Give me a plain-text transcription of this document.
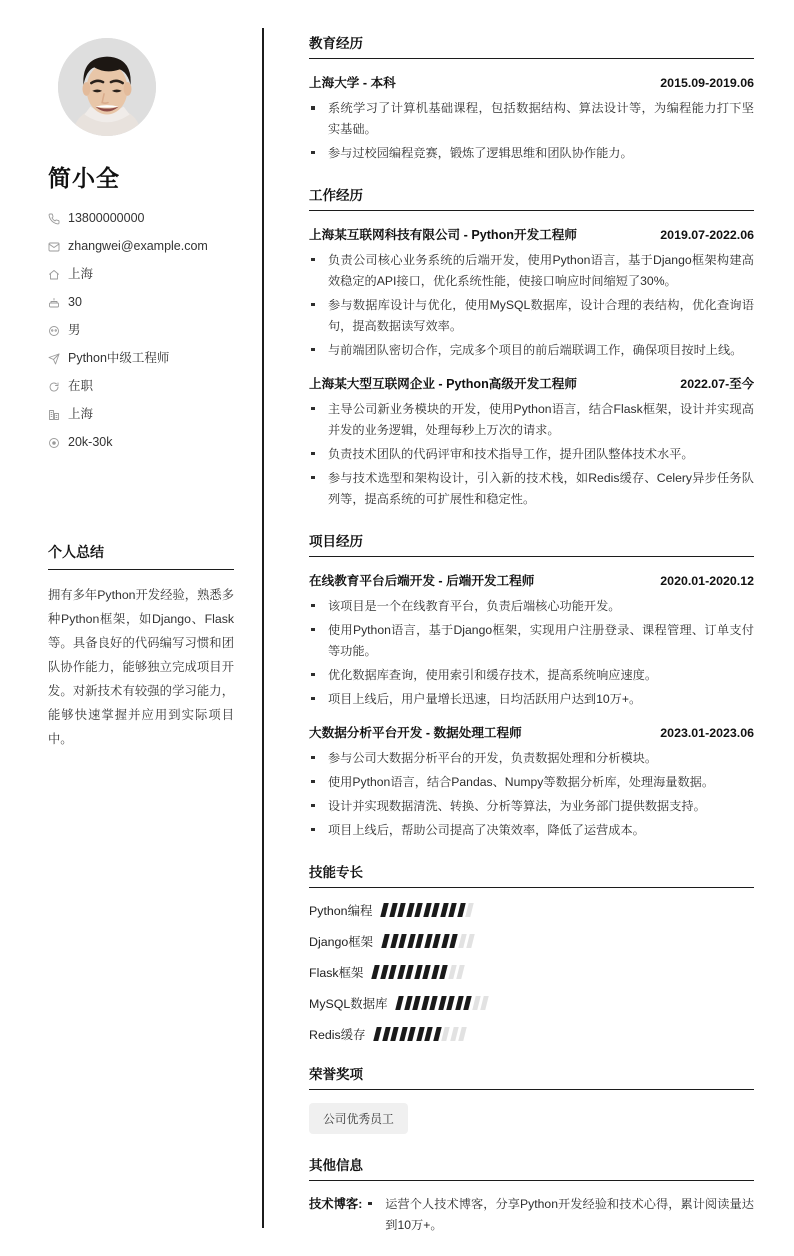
简小全
13800000000
zhangwei@example.com
上海
30
男
Python中级工程师
在职
上海
20k-30k
个人总结

拥有多年Python开发经验，熟悉多种Python框架，如Django、Flask等。具备良好的代码编写习惯和团队协作能力，能够独立完成项目开发。对新技术有较强的学习能力，能够快速掌握并应用到实际项目中。

教育经历
上海大学 - 本科	2015.09-2019.06
系统学习了计算机基础课程，包括数据结构、算法设计等，为编程能力打下坚实基础。
参与过校园编程竞赛，锻炼了逻辑思维和团队协作能力。
工作经历
上海某互联网科技有限公司 - Python开发工程师	2019.07-2022.06
负责公司核心业务系统的后端开发，使用Python语言，基于Django框架构建高效稳定的API接口，优化系统性能，使接口响应时间缩短了30%。
参与数据库设计与优化，使用MySQL数据库，设计合理的表结构，优化查询语句，提高数据读写效率。
与前端团队密切合作，完成多个项目的前后端联调工作，确保项目按时上线。
上海某大型互联网企业 - Python高级开发工程师	2022.07-至今
主导公司新业务模块的开发，使用Python语言，结合Flask框架，设计并实现高并发的业务逻辑，处理每秒上万次的请求。
负责技术团队的代码评审和技术指导工作，提升团队整体技术水平。
参与技术选型和架构设计，引入新的技术栈，如Redis缓存、Celery异步任务队列等，提高系统的可扩展性和稳定性。
项目经历
在线教育平台后端开发 - 后端开发工程师	2020.01-2020.12
该项目是一个在线教育平台，负责后端核心功能开发。
使用Python语言，基于Django框架，实现用户注册登录、课程管理、订单支付等功能。
优化数据库查询，使用索引和缓存技术，提高系统响应速度。
项目上线后，用户量增长迅速，日均活跃用户达到10万+。
大数据分析平台开发 - 数据处理工程师	2023.01-2023.06
参与公司大数据分析平台的开发，负责数据处理和分析模块。
使用Python语言，结合Pandas、Numpy等数据分析库，处理海量数据。
设计并实现数据清洗、转换、分析等算法，为业务部门提供数据支持。
项目上线后，帮助公司提高了决策效率，降低了运营成本。
技能专长
Python编程
Django框架
Flask框架
MySQL数据库
Redis缓存
荣誉奖项
公司优秀员工
其他信息
技术博客:	运营个人技术博客，分享Python开发经验和技术心得，累计阅读量达到10万+。
